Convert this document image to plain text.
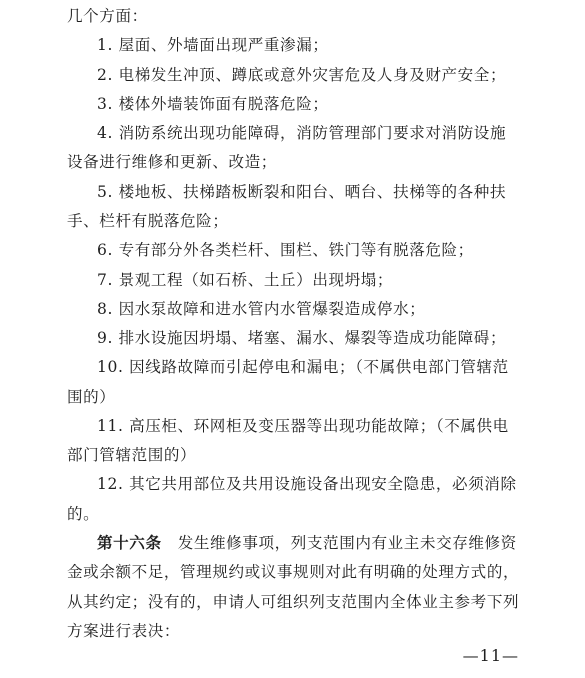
几个方面：
1. 屋面、外墙面出现严重渗漏；
2. 电梯发生冲顶、蹲底或意外灾害危及人身及财产安全；
3. 楼体外墙装饰面有脱落危险；
4. 消防系统出现功能障碍，消防管理部门要求对消防设施
设备进行维修和更新、改造；
5. 楼地板、扶梯踏板断裂和阳台、晒台、扶梯等的各种扶
手、栏杆有脱落危险；
6. 专有部分外各类栏杆、围栏、铁门等有脱落危险；
7. 景观工程（如石桥、土丘）出现坍塌；
8. 因水泵故障和进水管内水管爆裂造成停水；
9. 排水设施因坍塌、堵塞、漏水、爆裂等造成功能障碍；
10. 因线路故障而引起停电和漏电；（不属供电部门管辖范
围的）
11. 高压柜、环网柜及变压器等出现功能故障；（不属供电
部门管辖范围的）
12. 其它共用部位及共用设施设备出现安全隐患，必须消除
的。
第十六条　发生维修事项，列支范围内有业主未交存维修资
金或余额不足，管理规约或议事规则对此有明确的处理方式的，
从其约定；没有的，申请人可组织列支范围内全体业主参考下列
方案进行表决：
—11—
